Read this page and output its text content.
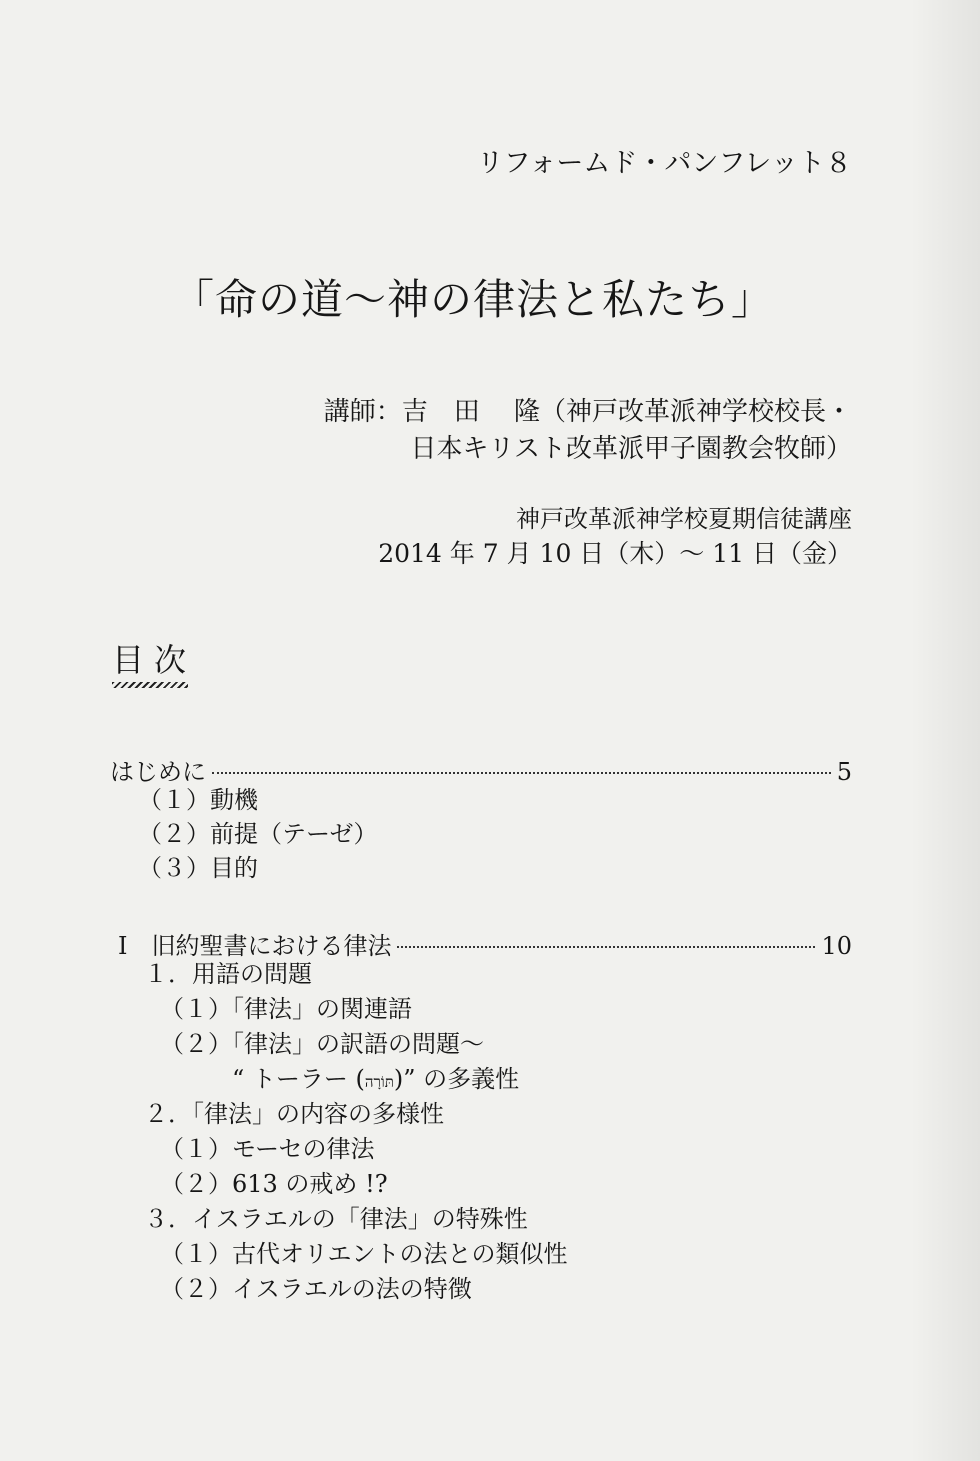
リフォームド・パンフレット８
「命の道～神の律法と私たち」
講師：吉　田　 隆（神戸改革派神学校校長・
日本キリスト改革派甲子園教会牧師）
神戸改革派神学校夏期信徒講座
2014 年 7 月 10 日（木）～ 11 日（金）
目次
はじめに	5
（１）動機
（２）前提（テーゼ）
（３）目的
Ⅰ　旧約聖書における律法	10
１．用語の問題
（１）「律法」の関連語
（２）「律法」の訳語の問題～
“ トーラー (תּוֹרָה)” の多義性
２．「律法」の内容の多様性
（１）モーセの律法
（２）613 の戒め !?
３．イスラエルの「律法」の特殊性
（１）古代オリエントの法との類似性
（２）イスラエルの法の特徴
